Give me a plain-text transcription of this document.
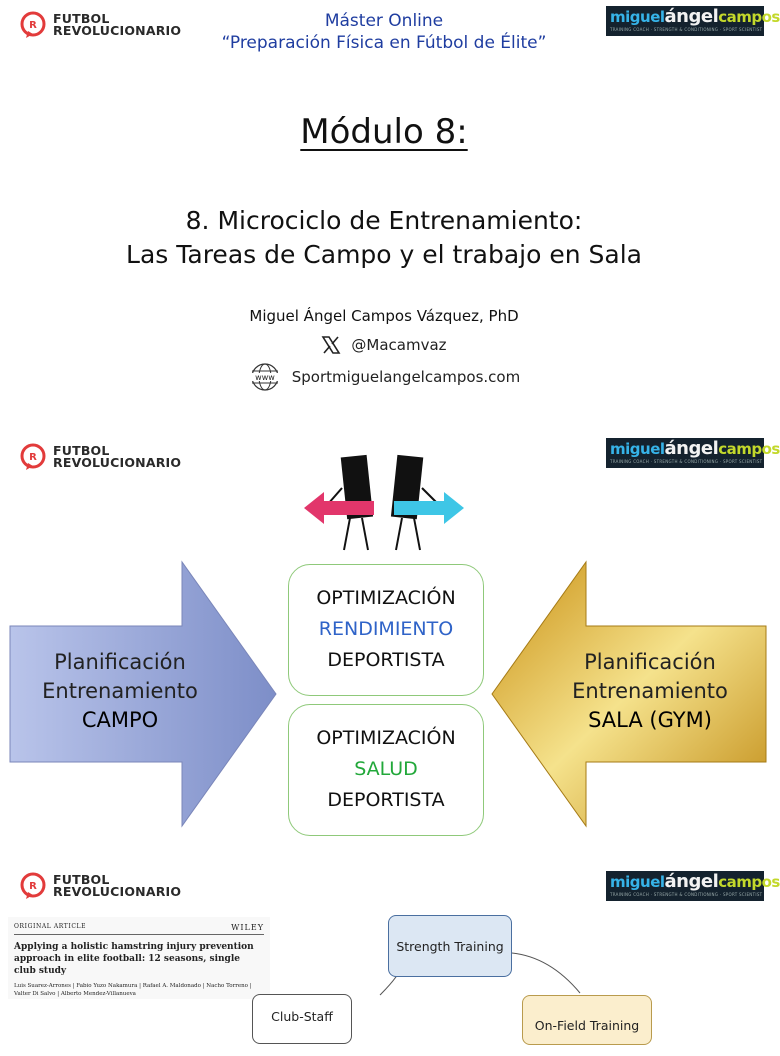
R FUTBOL
REVOLUCIONARIO	Máster Online
“Preparación Física en Fútbol de Élite”
miguelángelcampos
TRAINING COACH · STRENGTH & CONDITIONING · SPORT SCIENTIST
Módulo 8:
8. Microciclo de Entrenamiento:
Las Tareas de Campo y el trabajo en Sala
Miguel Ángel Campos Vázquez, PhD
@Macamvaz
www Sportmiguelangelcampos.com
R FUTBOL
REVOLUCIONARIO
miguelángelcampos
TRAINING COACH · STRENGTH & CONDITIONING · SPORT SCIENTIST
Planificación
Entrenamiento
CAMPO
Planificación
Entrenamiento
SALA (GYM)
OPTIMIZACIÓN
RENDIMIENTO
DEPORTISTA
OPTIMIZACIÓN
SALUD
DEPORTISTA
R FUTBOL
REVOLUCIONARIO
miguelángelcampos
TRAINING COACH · STRENGTH & CONDITIONING · SPORT SCIENTIST
ORIGINAL ARTICLE	WILEY
Applying a holistic hamstring injury prevention approach in elite football: 12 seasons, single club study
Luis Suarez-Arrones | Fabio Yuzo Nakamura | Rafael A. Maldonado | Nacho Torreno | Valter Di Salvo | Alberto Mendez-Villanueva
Strength Training
Club-Staff
On-Field Training
